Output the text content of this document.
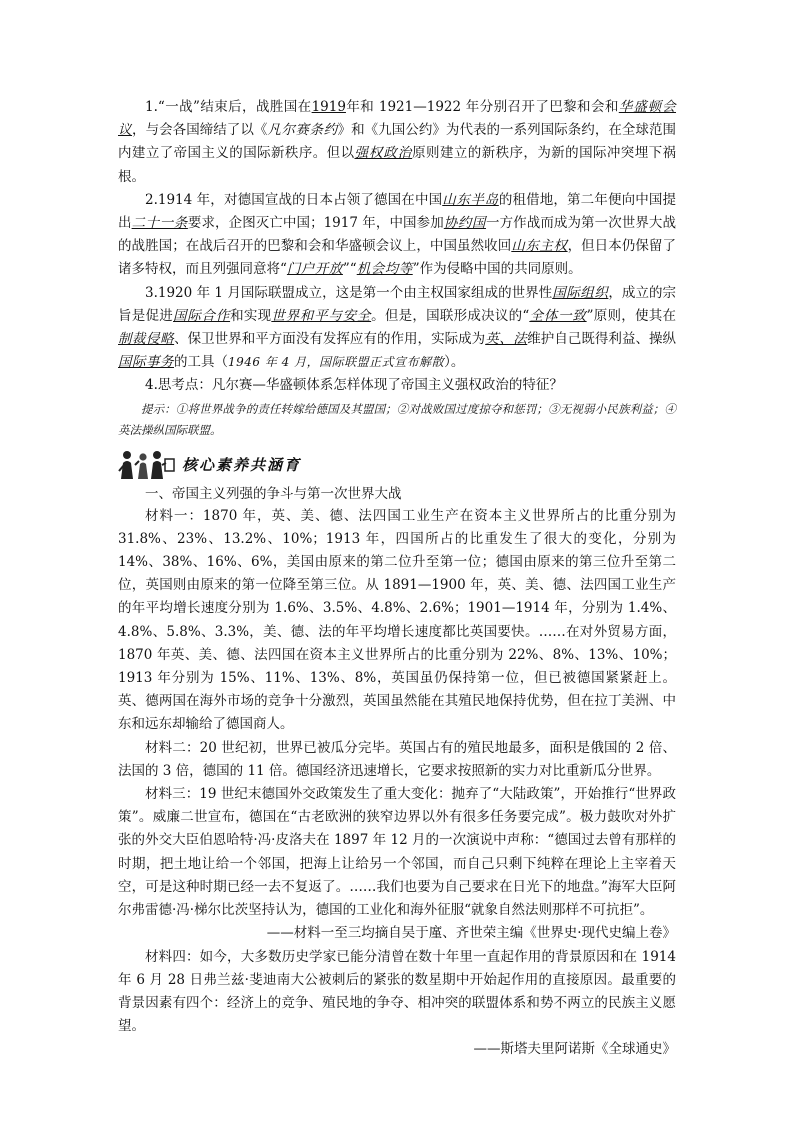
1.“一战”结束后，战胜国在1919年和 1921—1922 年分别召开了巴黎和会和华盛顿会议，与会各国缔结了以《凡尔赛条约》和《九国公约》为代表的一系列国际条约，在全球范围内建立了帝国主义的国际新秩序。但以强权政治原则建立的新秩序，为新的国际冲突埋下祸根。

2.1914 年，对德国宣战的日本占领了德国在中国山东半岛的租借地，第二年便向中国提出二十一条要求，企图灭亡中国；1917 年，中国参加协约国一方作战而成为第一次世界大战的战胜国；在战后召开的巴黎和会和华盛顿会议上，中国虽然收回山东主权，但日本仍保留了诸多特权，而且列强同意将“门户开放”“机会均等”作为侵略中国的共同原则。

3.1920 年 1 月国际联盟成立，这是第一个由主权国家组成的世界性国际组织，成立的宗旨是促进国际合作和实现世界和平与安全。但是，国联形成决议的“全体一致”原则，使其在制裁侵略、保卫世界和平方面没有发挥应有的作用，实际成为英、法维护自己既得利益、操纵国际事务的工具（1946 年 4 月，国际联盟正式宣布解散）。

4.思考点：凡尔赛—华盛顿体系怎样体现了帝国主义强权政治的特征？

提示：①将世界战争的责任转嫁给德国及其盟国；②对战败国过度掠夺和惩罚；③无视弱小民族利益；④英法操纵国际联盟。

核心素养共涵育

一、帝国主义列强的争斗与第一次世界大战

材料一：1870 年，英、美、德、法四国工业生产在资本主义世界所占的比重分别为 31.8%、23%、13.2%、10%；1913 年，四国所占的比重发生了很大的变化，分别为 14%、38%、16%、6%，美国由原来的第二位升至第一位；德国由原来的第三位升至第二位，英国则由原来的第一位降至第三位。从 1891—1900 年，英、美、德、法四国工业生产的年平均增长速度分别为 1.6%、3.5%、4.8%、2.6%；1901—1914 年，分别为 1.4%、4.8%、5.8%、3.3%，美、德、法的年平均增长速度都比英国要快。……在对外贸易方面，1870 年英、美、德、法四国在资本主义世界所占的比重分别为 22%、8%、13%、10%；1913 年分别为 15%、11%、13%、8%，英国虽仍保持第一位，但已被德国紧紧赶上。英、德两国在海外市场的竞争十分激烈，英国虽然能在其殖民地保持优势，但在拉丁美洲、中东和远东却输给了德国商人。

材料二：20 世纪初，世界已被瓜分完毕。英国占有的殖民地最多，面积是俄国的 2 倍、法国的 3 倍，德国的 11 倍。德国经济迅速增长，它要求按照新的实力对比重新瓜分世界。

材料三：19 世纪末德国外交政策发生了重大变化：抛弃了“大陆政策”，开始推行“世界政策”。威廉二世宣布，德国在“古老欧洲的狭窄边界以外有很多任务要完成”。极力鼓吹对外扩张的外交大臣伯恩哈特·冯·皮洛夫在 1897 年 12 月的一次演说中声称：“德国过去曾有那样的时期，把土地让给一个邻国，把海上让给另一个邻国，而自己只剩下纯粹在理论上主宰着天空，可是这种时期已经一去不复返了。……我们也要为自己要求在日光下的地盘。”海军大臣阿尔弗雷德·冯·梯尔比茨坚持认为，德国的工业化和海外征服“就象自然法则那样不可抗拒”。

——材料一至三均摘自吴于廑、齐世荣主编《世界史·现代史编上卷》

材料四：如今，大多数历史学家已能分清曾在数十年里一直起作用的背景原因和在 1914 年 6 月 28 日弗兰兹·斐迪南大公被刺后的紧张的数星期中开始起作用的直接原因。最重要的背景因素有四个：经济上的竞争、殖民地的争夺、相冲突的联盟体系和势不两立的民族主义愿望。

——斯塔夫里阿诺斯《全球通史》
